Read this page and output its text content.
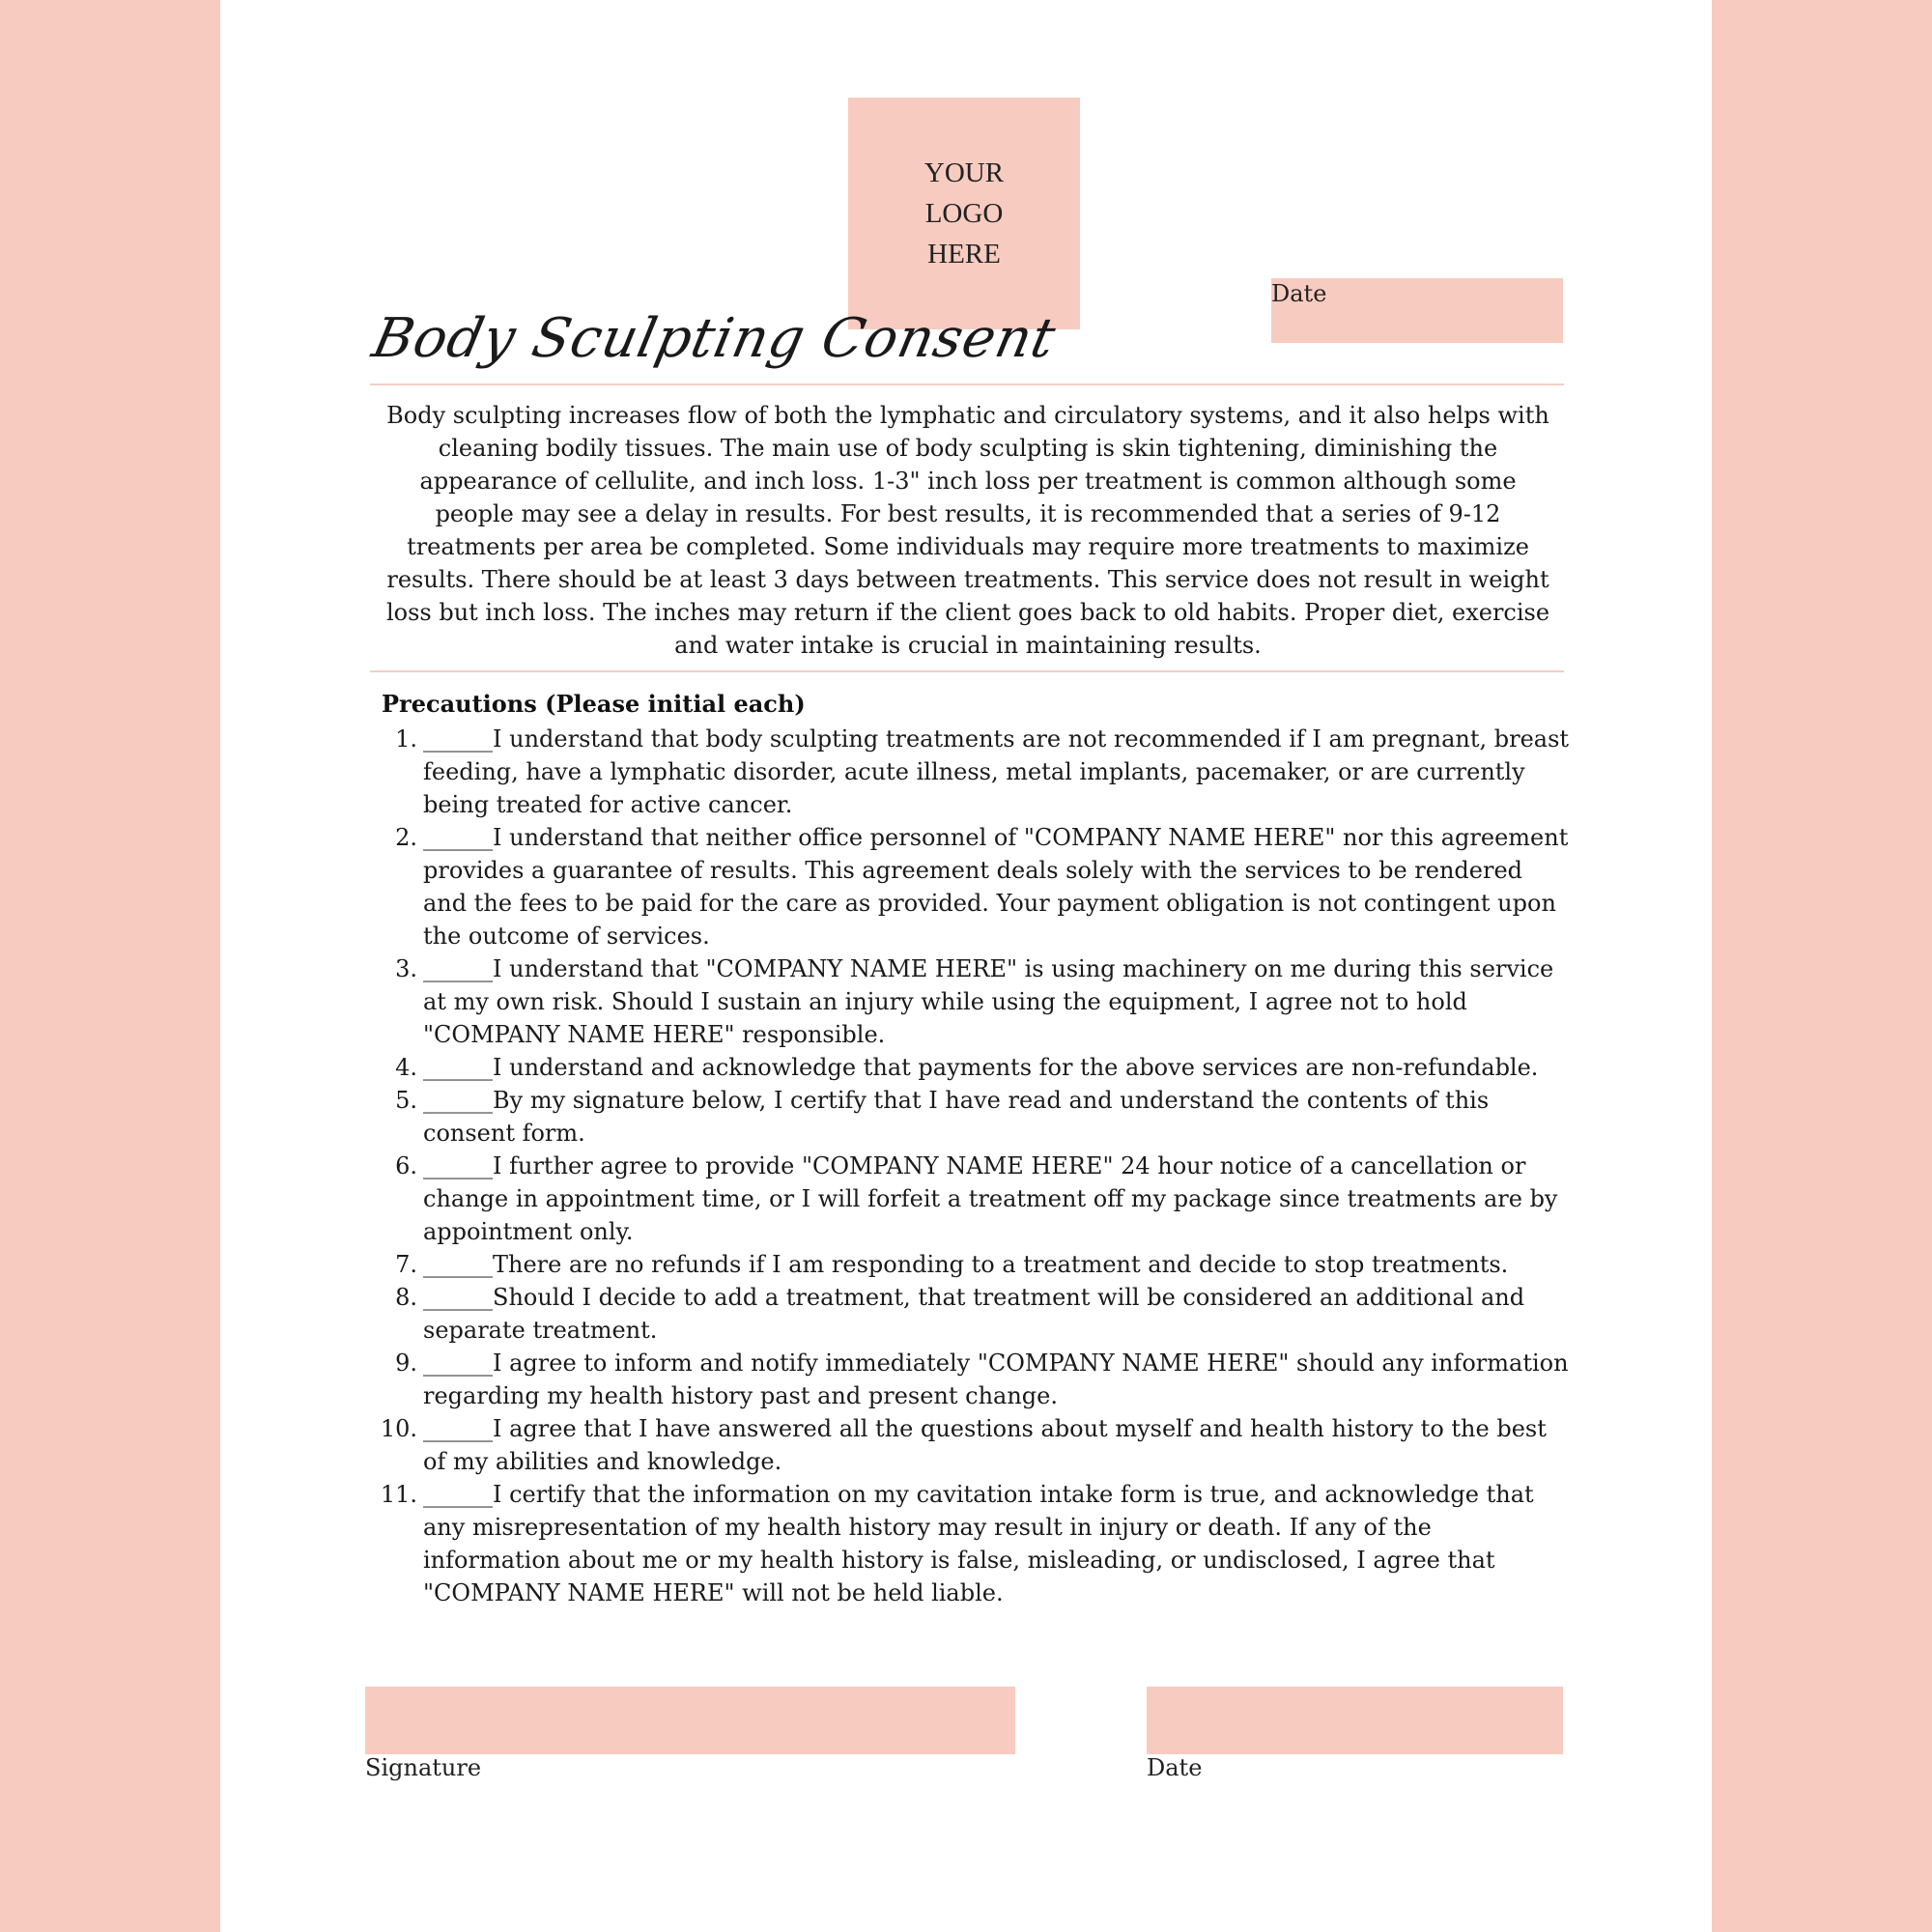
YOUR
LOGO
HERE
Date
Body Sculpting Consent
Body sculpting increases flow of both the lymphatic and circulatory systems, and it also helps with cleaning bodily tissues. The main use of body sculpting is skin tightening, diminishing the appearance of cellulite, and inch loss. 1-3" inch loss per treatment is common although some people may see a delay in results. For best results, it is recommended that a series of 9-12 treatments per area be completed. Some individuals may require more treatments to maximize results. There should be at least 3 days between treatments. This service does not result in weight loss but inch loss. The inches may return if the client goes back to old habits. Proper diet, exercise and water intake is crucial in maintaining results.
Precautions (Please initial each)
1. ______I understand that body sculpting treatments are not recommended if I am pregnant, breast feeding, have a lymphatic disorder, acute illness, metal implants, pacemaker, or are currently being treated for active cancer.
2. ______I understand that neither office personnel of "COMPANY NAME HERE" nor this agreement provides a guarantee of results. This agreement deals solely with the services to be rendered and the fees to be paid for the care as provided. Your payment obligation is not contingent upon the outcome of services.
3. ______I understand that "COMPANY NAME HERE" is using machinery on me during this service at my own risk. Should I sustain an injury while using the equipment, I agree not to hold "COMPANY NAME HERE" responsible.
4. ______I understand and acknowledge that payments for the above services are non-refundable.
5. ______By my signature below, I certify that I have read and understand the contents of this consent form.
6. ______I further agree to provide "COMPANY NAME HERE" 24 hour notice of a cancellation or change in appointment time, or I will forfeit a treatment off my package since treatments are by appointment only.
7. ______There are no refunds if I am responding to a treatment and decide to stop treatments.
8. ______Should I decide to add a treatment, that treatment will be considered an additional and separate treatment.
9. ______I agree to inform and notify immediately "COMPANY NAME HERE" should any information regarding my health history past and present change.
10. ______I agree that I have answered all the questions about myself and health history to the best of my abilities and knowledge.
11. ______I certify that the information on my cavitation intake form is true, and acknowledge that any misrepresentation of my health history may result in injury or death. If any of the information about me or my health history is false, misleading, or undisclosed, I agree that "COMPANY NAME HERE" will not be held liable.
Signature	Date
